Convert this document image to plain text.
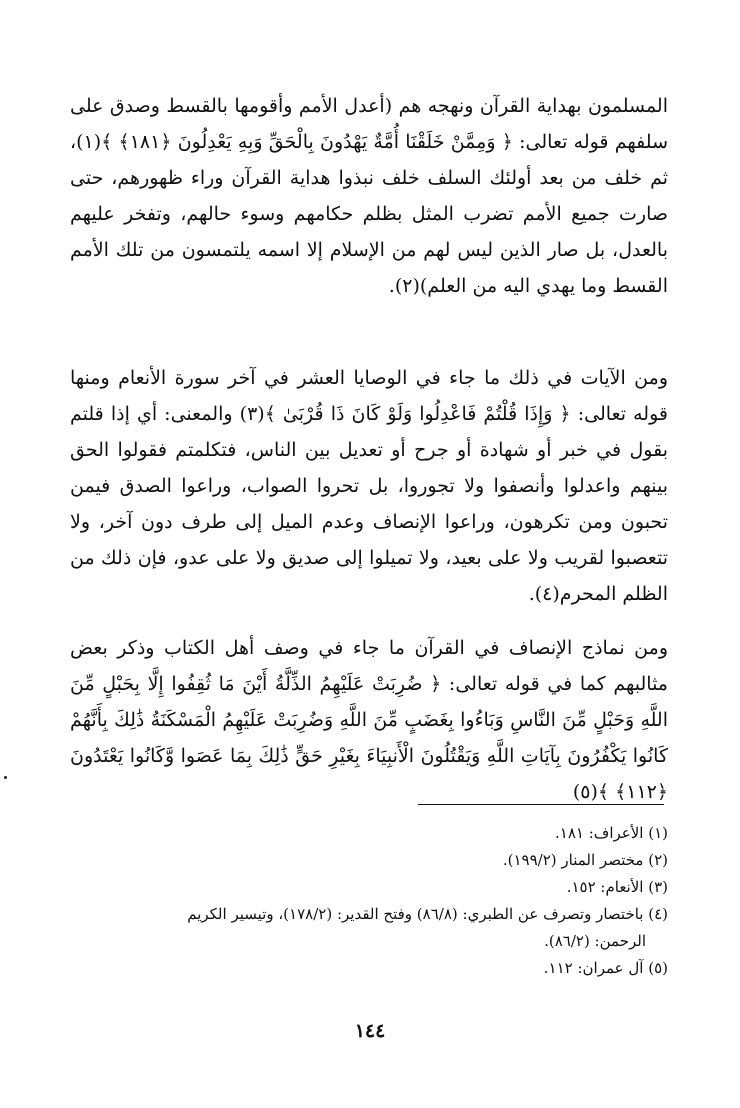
المسلمون بهداية القرآن ونهجه هم (أعدل الأمم وأقومها بالقسط وصدق على سلفهم قوله تعالى: ﴿ وَمِمَّنْ خَلَقْنَا أُمَّةٌ يَهْدُونَ بِالْحَقِّ وَبِهِ يَعْدِلُونَ ﴿١٨١﴾ ﴾(١)، ثم خلف من بعد أولئك السلف خلف نبذوا هداية القرآن وراء ظهورهم، حتى صارت جميع الأمم تضرب المثل بظلم حكامهم وسوء حالهم، وتفخر عليهم بالعدل، بل صار الذين ليس لهم من الإسلام إلا اسمه يلتمسون من تلك الأمم القسط وما يهدي اليه من العلم)(٢).

ومن الآيات في ذلك ما جاء في الوصايا العشر في آخر سورة الأنعام ومنها قوله تعالى: ﴿ وَإِذَا قُلْتُمْ فَاعْدِلُوا وَلَوْ كَانَ ذَا قُرْبَىٰ ﴾(٣) والمعنى: أي إذا قلتم بقول في خبر أو شهادة أو جرح أو تعديل بين الناس، فتكلمتم فقولوا الحق بينهم واعدلوا وأنصفوا ولا تجوروا، بل تحروا الصواب، وراعوا الصدق فيمن تحبون ومن تكرهون، وراعوا الإنصاف وعدم الميل إلى طرف دون آخر، ولا تتعصبوا لقريب ولا على بعيد، ولا تميلوا إلى صديق ولا على عدو، فإن ذلك من الظلم المحرم(٤).

ومن نماذج الإنصاف في القرآن ما جاء في وصف أهل الكتاب وذكر بعض مثالبهم كما في قوله تعالى: ﴿ ضُرِبَتْ عَلَيْهِمُ الذِّلَّةُ أَيْنَ مَا ثُقِفُوا إِلَّا بِحَبْلٍ مِّنَ اللَّهِ وَحَبْلٍ مِّنَ النَّاسِ وَبَاءُوا بِغَضَبٍ مِّنَ اللَّهِ وَضُرِبَتْ عَلَيْهِمُ الْمَسْكَنَةُ ذَٰلِكَ بِأَنَّهُمْ كَانُوا يَكْفُرُونَ بِآيَاتِ اللَّهِ وَيَقْتُلُونَ الْأَنبِيَاءَ بِغَيْرِ حَقٍّ ذَٰلِكَ بِمَا عَصَوا وَّكَانُوا يَعْتَدُونَ ﴿١١٢﴾ ﴾(٥)

(١) الأعراف: ١٨١.

(٢) مختصر المنار (١٩٩/٢).

(٣) الأنعام: ١٥٢.

(٤) باختصار وتصرف عن الطبري: (٨٦/٨) وفتح القدير: (١٧٨/٢)، وتيسير الكريم

الرحمن: (٨٦/٢).

(٥) آل عمران: ١١٢.

١٤٤
